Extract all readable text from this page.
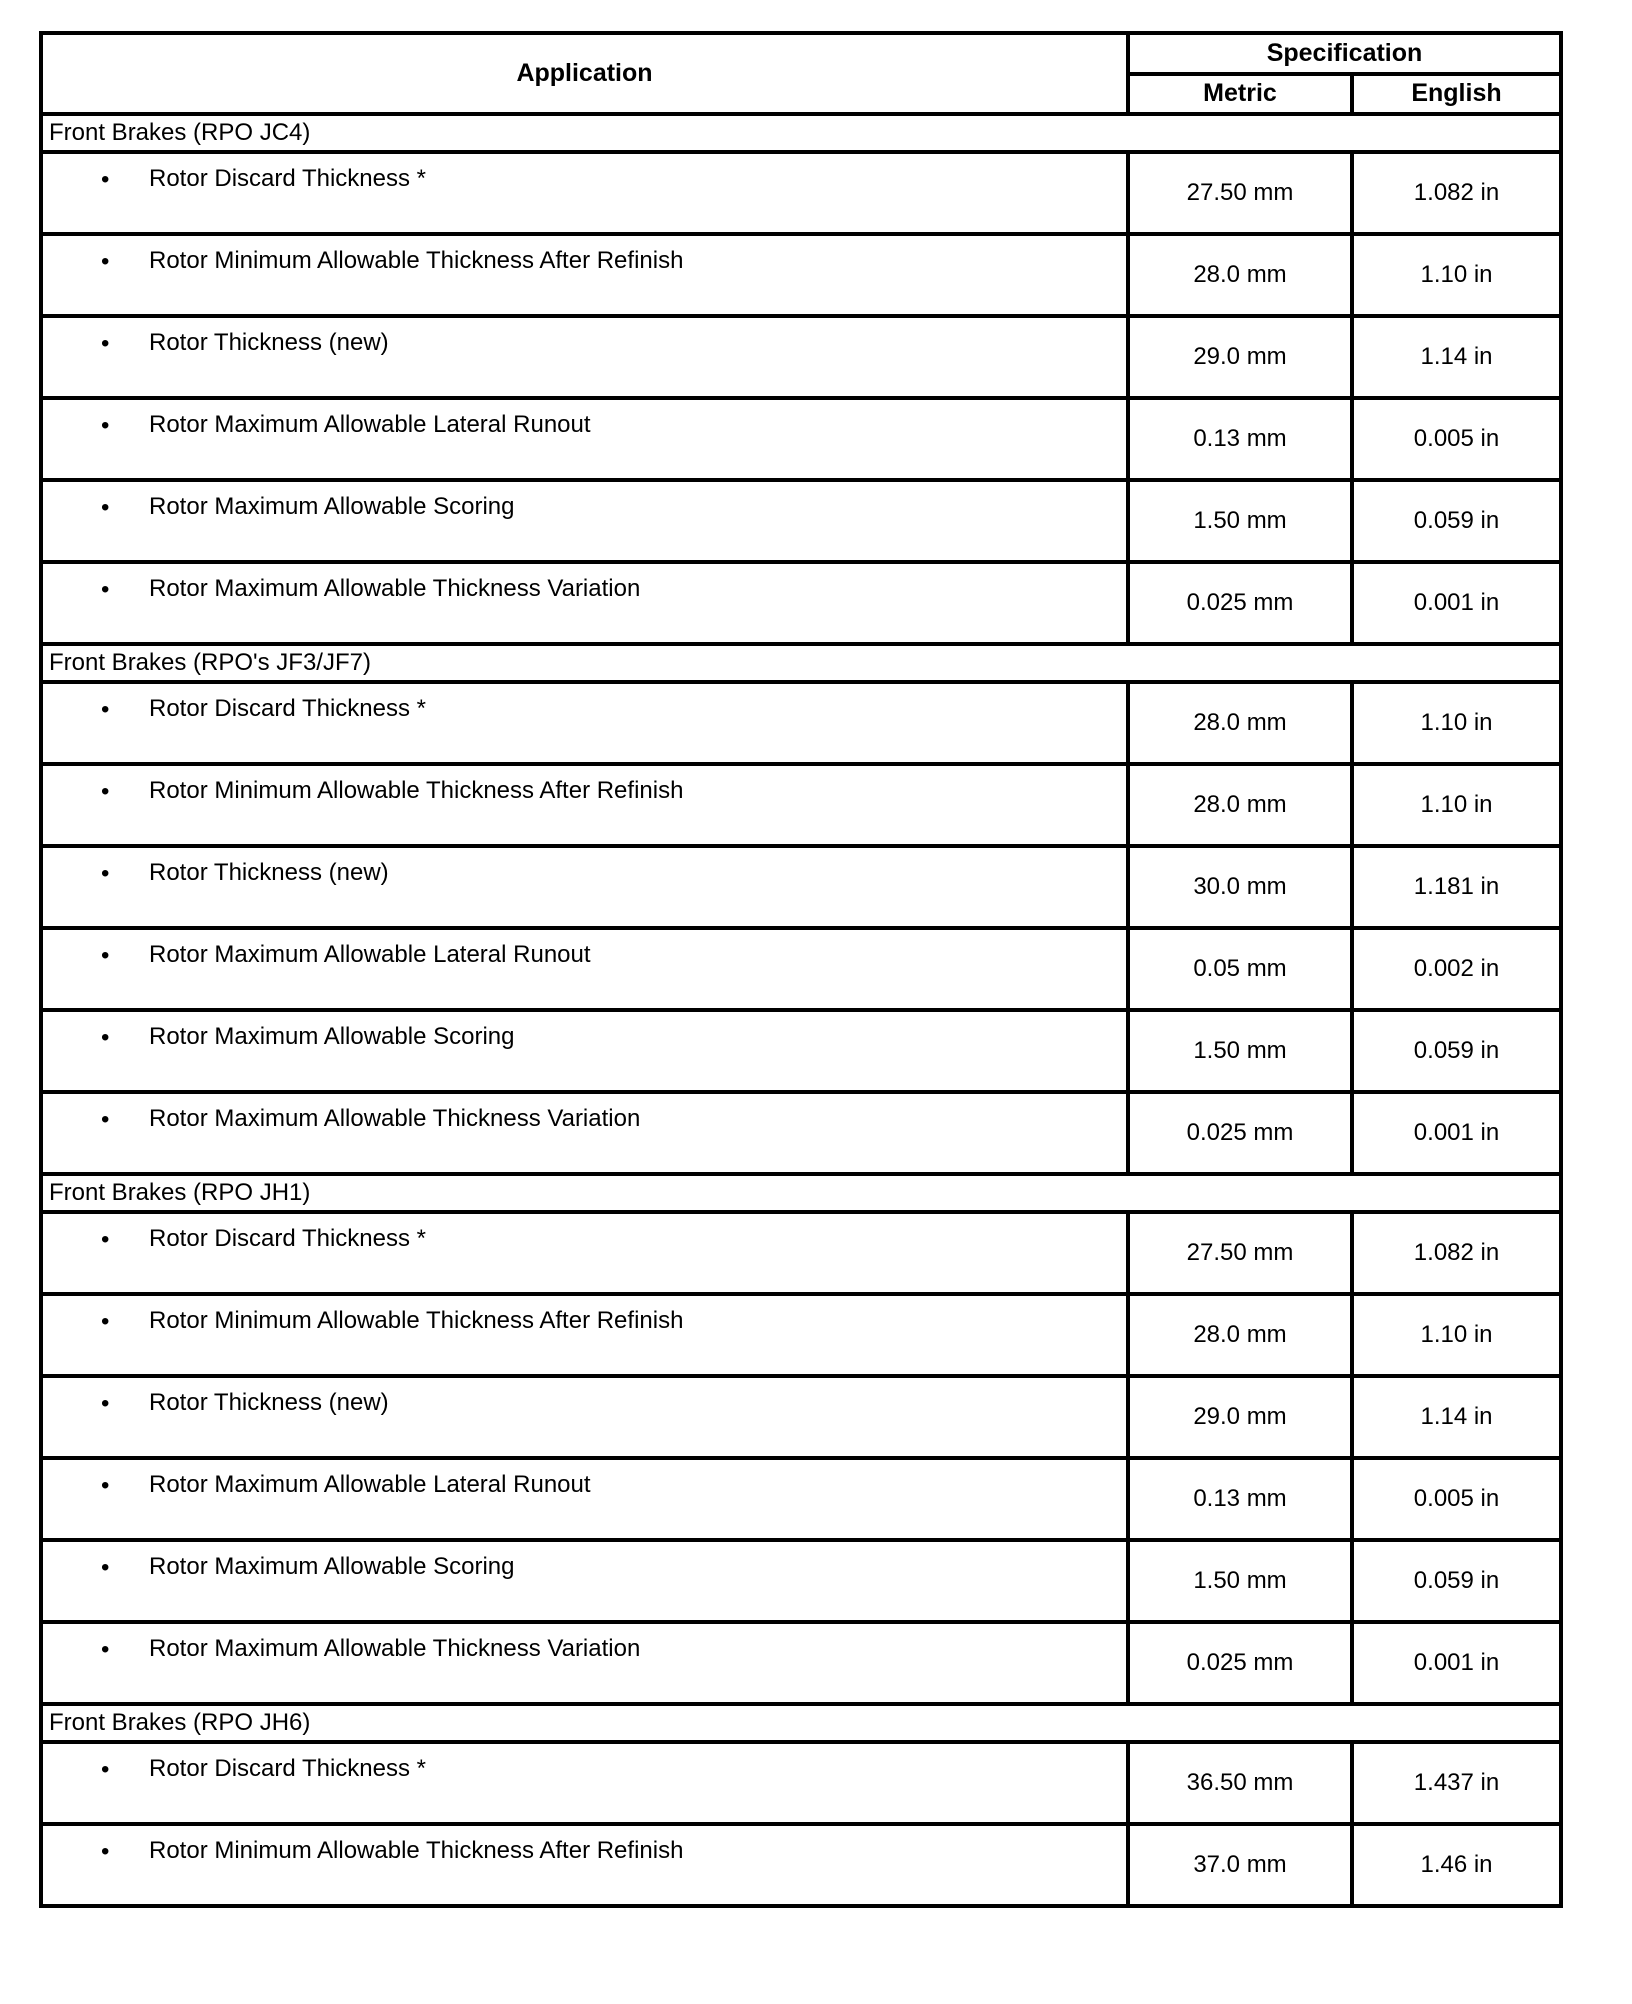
Application	Specification	
	Metric	English
Front Brakes (RPO JC4)		

• Rotor Discard Thickness *	27.50 mm	1.082 in

• Rotor Minimum Allowable Thickness After Refinish	28.0 mm	1.10 in

• Rotor Thickness (new)	29.0 mm	1.14 in

• Rotor Maximum Allowable Lateral Runout	0.13 mm	0.005 in

• Rotor Maximum Allowable Scoring	1.50 mm	0.059 in

• Rotor Maximum Allowable Thickness Variation	0.025 mm	0.001 in
Front Brakes (RPO's JF3/JF7)		

• Rotor Discard Thickness *	28.0 mm	1.10 in

• Rotor Minimum Allowable Thickness After Refinish	28.0 mm	1.10 in

• Rotor Thickness (new)	30.0 mm	1.181 in

• Rotor Maximum Allowable Lateral Runout	0.05 mm	0.002 in

• Rotor Maximum Allowable Scoring	1.50 mm	0.059 in

• Rotor Maximum Allowable Thickness Variation	0.025 mm	0.001 in
Front Brakes (RPO JH1)		

• Rotor Discard Thickness *	27.50 mm	1.082 in

• Rotor Minimum Allowable Thickness After Refinish	28.0 mm	1.10 in

• Rotor Thickness (new)	29.0 mm	1.14 in

• Rotor Maximum Allowable Lateral Runout	0.13 mm	0.005 in

• Rotor Maximum Allowable Scoring	1.50 mm	0.059 in

• Rotor Maximum Allowable Thickness Variation	0.025 mm	0.001 in
Front Brakes (RPO JH6)		

• Rotor Discard Thickness *	36.50 mm	1.437 in

• Rotor Minimum Allowable Thickness After Refinish	37.0 mm	1.46 in
